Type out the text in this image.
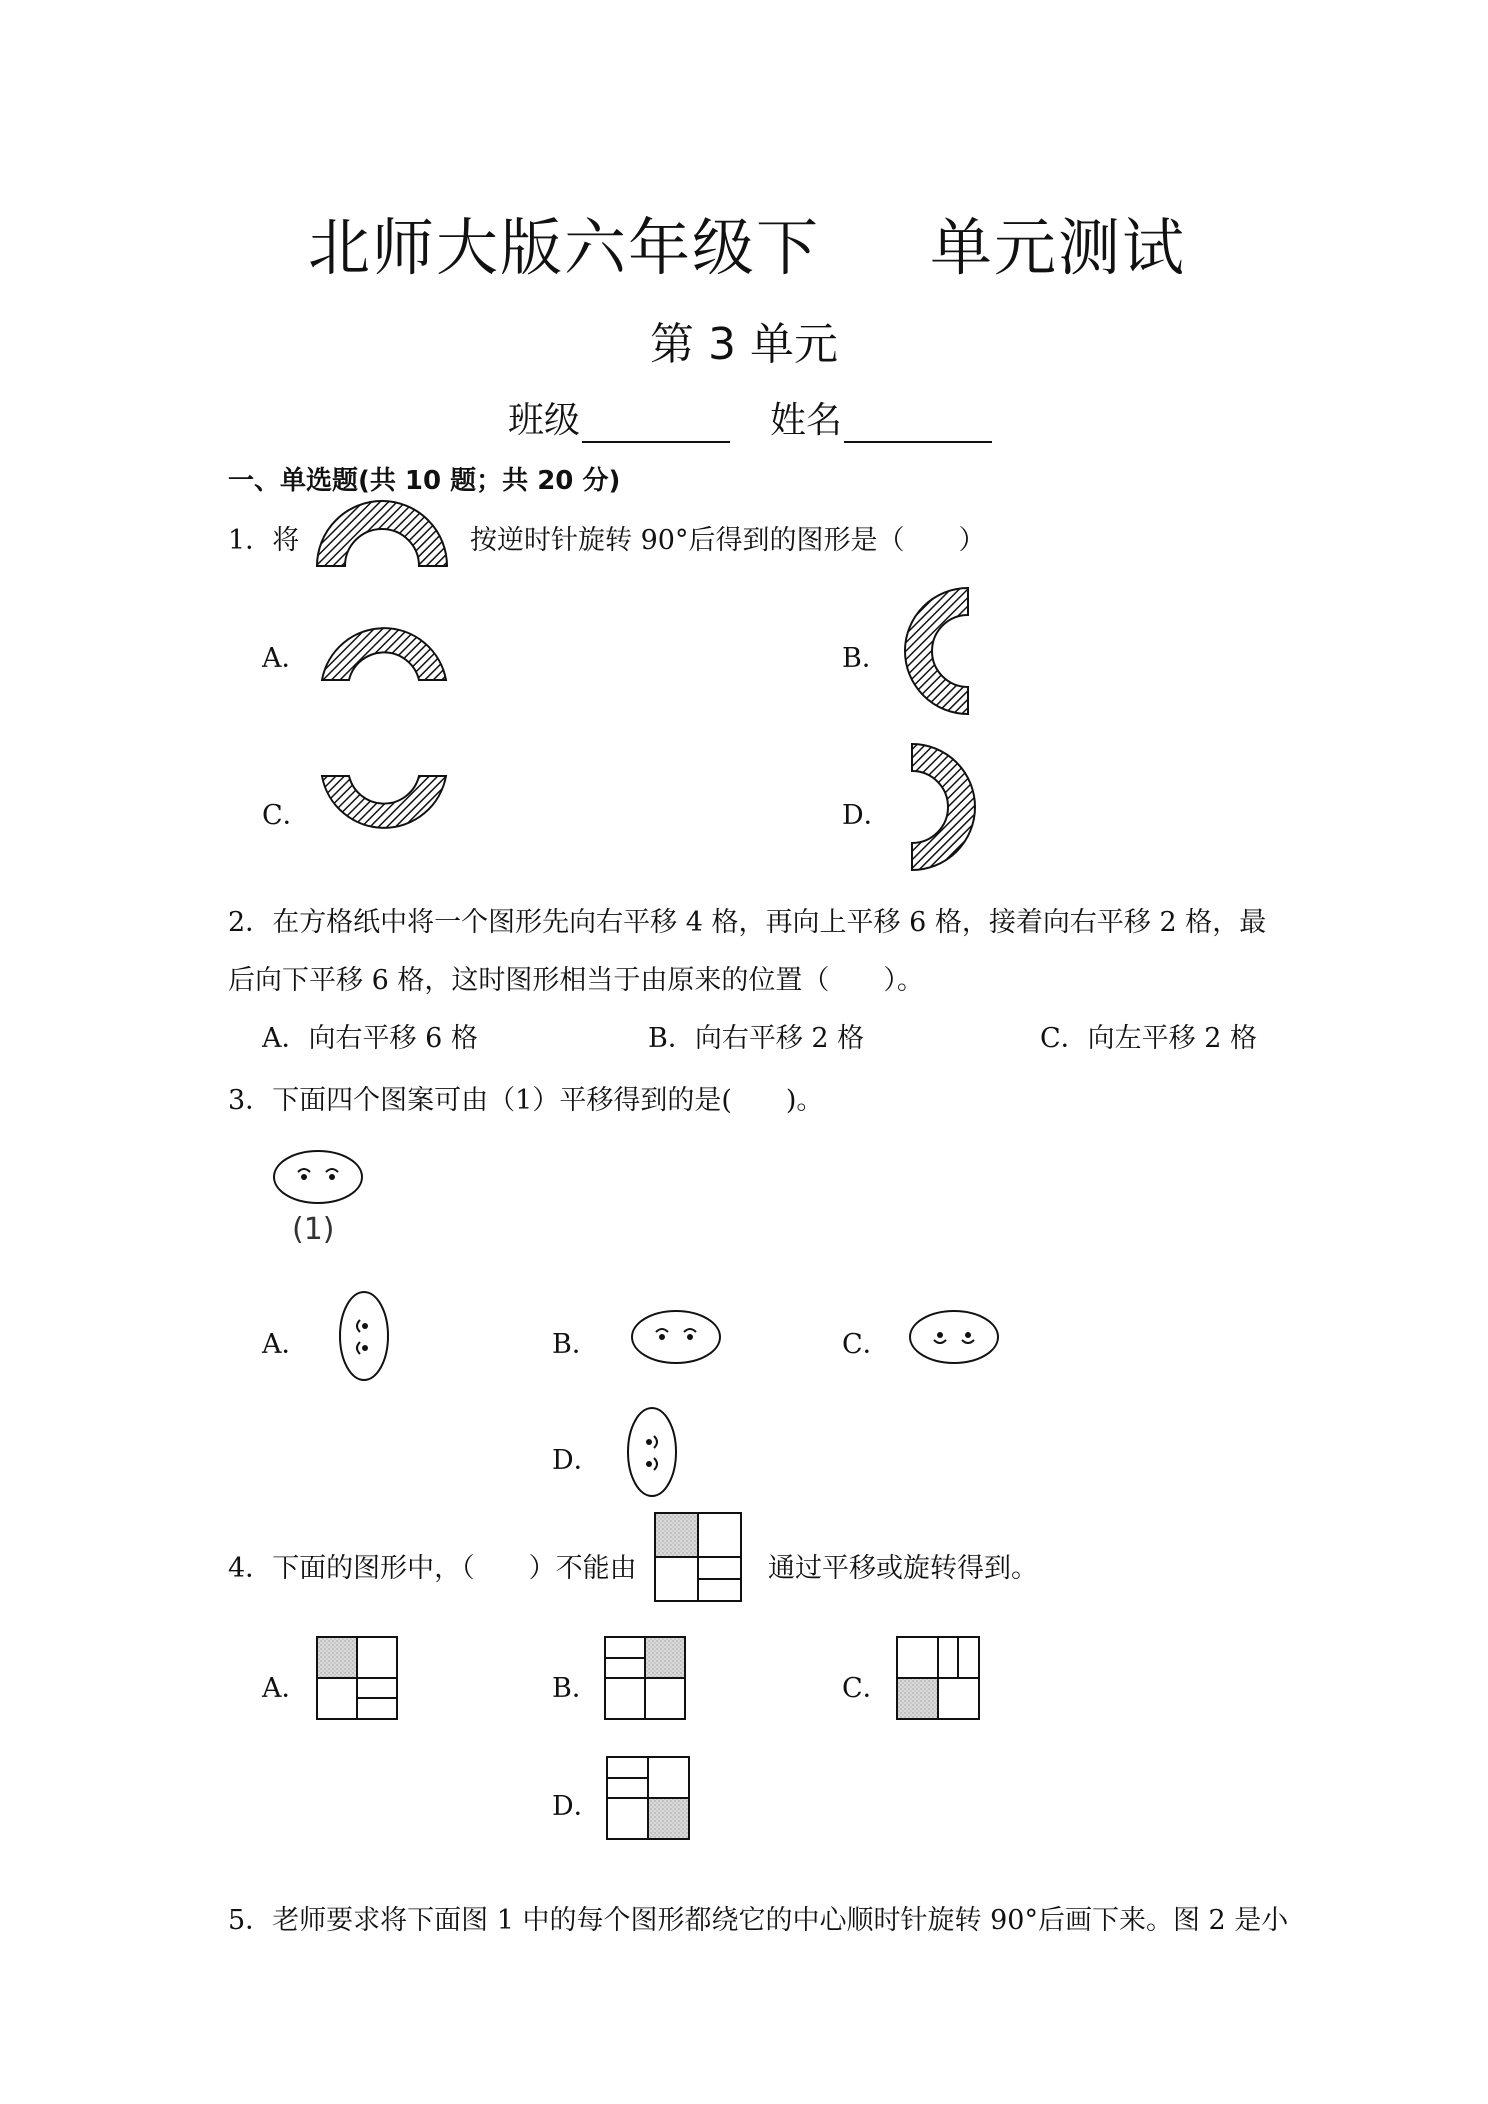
北师大版六年级下 单元测试
第 3 单元
班级	姓名
一、单选题(共 10 题；共 20 分)
1．将	按逆时针旋转 90°后得到的图形是（　　）
A．	B．
C．	D．
2．在方格纸中将一个图形先向右平移 4 格，再向上平移 6 格，接着向右平移 2 格，最
后向下平移 6 格，这时图形相当于由原来的位置（　　）。
A．向右平移 6 格	B．向右平移 2 格	C．向左平移 2 格
3．下面四个图案可由（1）平移得到的是(　　)。
(1)
A．	B．	C．
D．
4．下面的图形中，（　　）不能由	通过平移或旋转得到。
A．	B．	C．
D．
5．老师要求将下面图 1 中的每个图形都绕它的中心顺时针旋转 90°后画下来。图 2 是小
